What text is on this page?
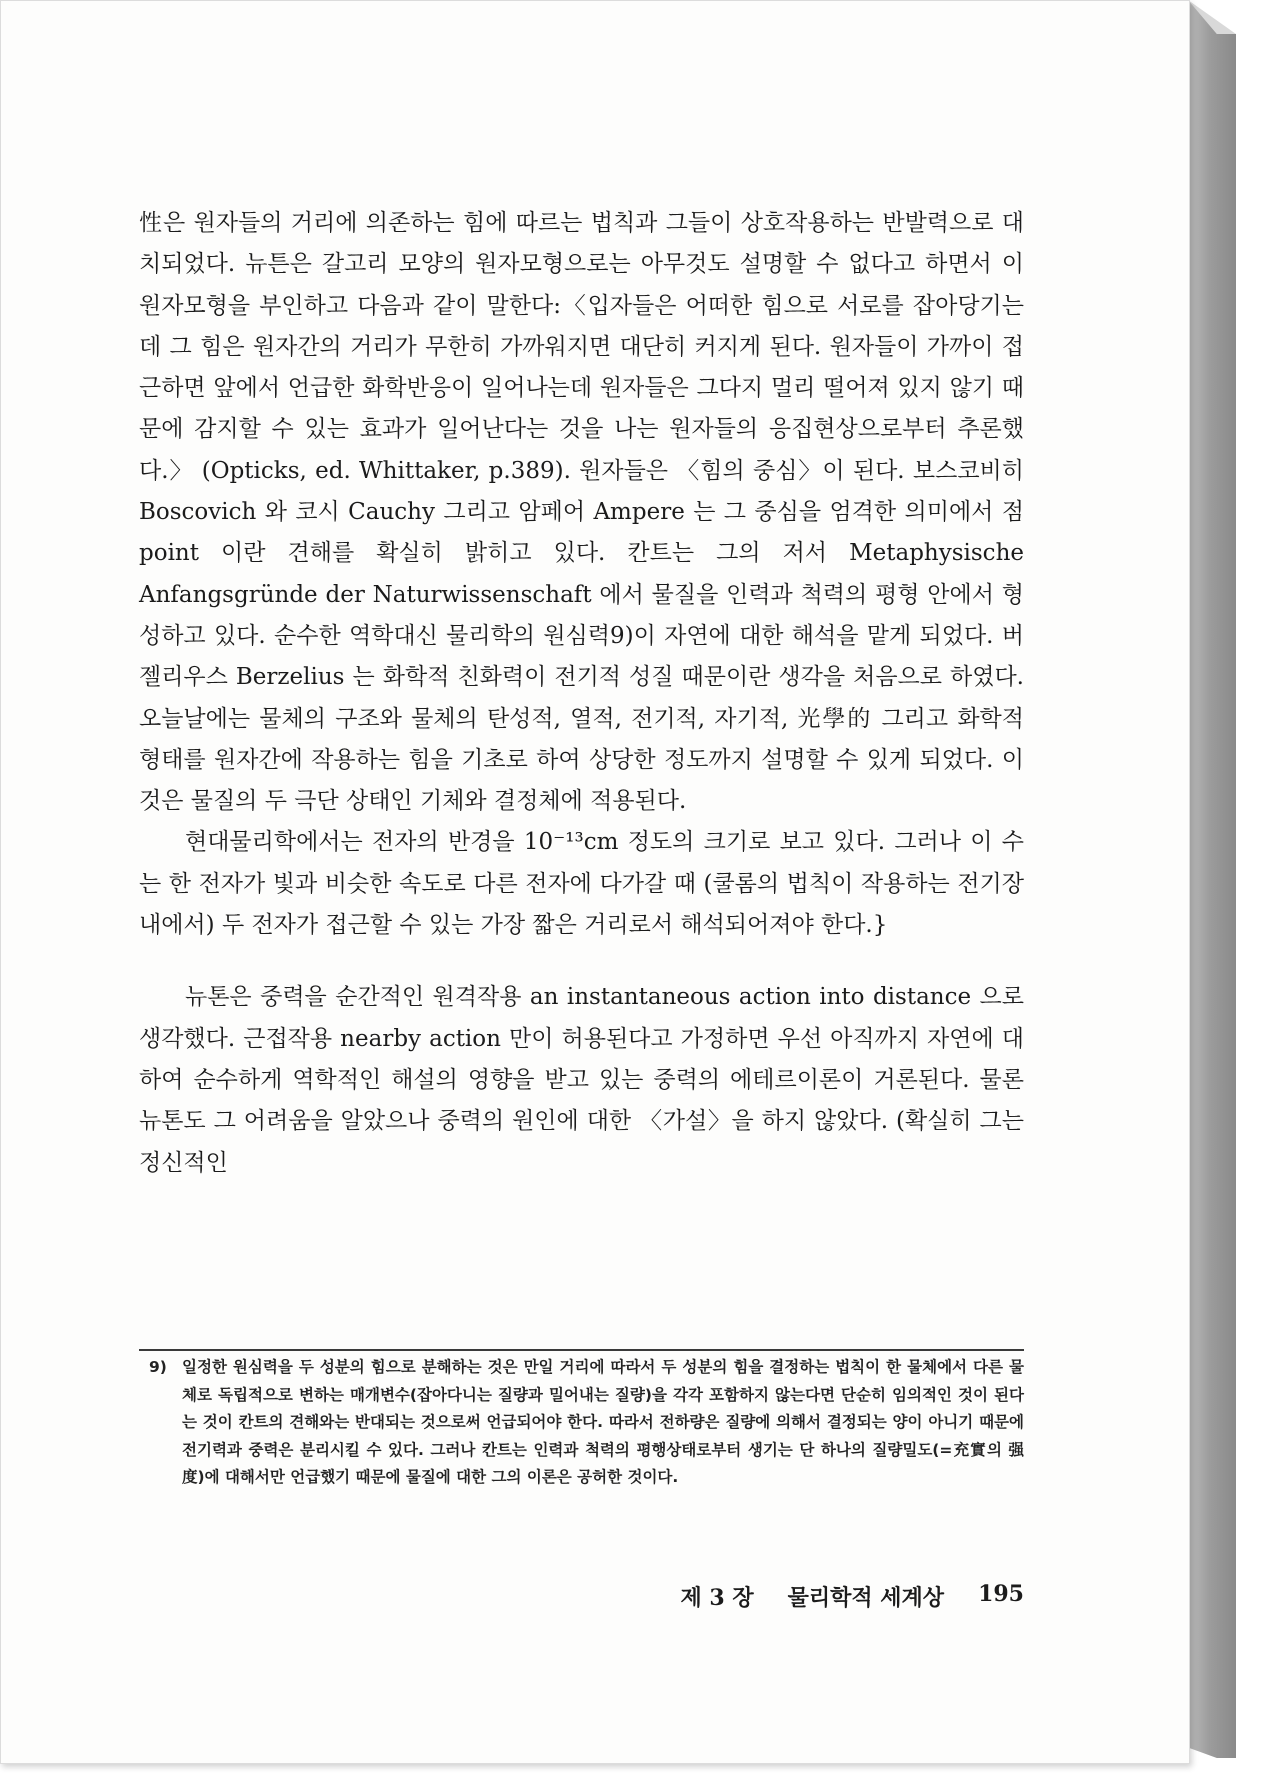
性은 원자들의 거리에 의존하는 힘에 따르는 법칙과 그들이 상호작용하는 반발력으로 대치되었다. 뉴튼은 갈고리 모양의 원자모형으로는 아무것도 설명할 수 없다고 하면서 이 원자모형을 부인하고 다음과 같이 말한다:〈입자들은 어떠한 힘으로 서로를 잡아당기는데 그 힘은 원자간의 거리가 무한히 가까워지면 대단히 커지게 된다. 원자들이 가까이 접근하면 앞에서 언급한 화학반응이 일어나는데 원자들은 그다지 멀리 떨어져 있지 않기 때문에 감지할 수 있는 효과가 일어난다는 것을 나는 원자들의 응집현상으로부터 추론했다.〉 (Opticks, ed. Whittaker, p.389). 원자들은 〈힘의 중심〉이 된다. 보스코비히 Boscovich 와 코시 Cauchy 그리고 암페어 Ampere 는 그 중심을 엄격한 의미에서 점 point 이란 견해를 확실히 밝히고 있다. 칸트는 그의 저서 Metaphysische Anfangsgründe der Naturwissenschaft 에서 물질을 인력과 척력의 평형 안에서 형성하고 있다. 순수한 역학대신 물리학의 원심력9)이 자연에 대한 해석을 맡게 되었다. 버젤리우스 Berzelius 는 화학적 친화력이 전기적 성질 때문이란 생각을 처음으로 하였다. 오늘날에는 물체의 구조와 물체의 탄성적, 열적, 전기적, 자기적, 光學的 그리고 화학적 형태를 원자간에 작용하는 힘을 기초로 하여 상당한 정도까지 설명할 수 있게 되었다. 이것은 물질의 두 극단 상태인 기체와 결정체에 적용된다.

현대물리학에서는 전자의 반경을 10⁻¹³cm 정도의 크기로 보고 있다. 그러나 이 수는 한 전자가 빛과 비슷한 속도로 다른 전자에 다가갈 때 (쿨롬의 법칙이 작용하는 전기장내에서) 두 전자가 접근할 수 있는 가장 짧은 거리로서 해석되어져야 한다.}

뉴톤은 중력을 순간적인 원격작용 an instantaneous action into distance 으로 생각했다. 근접작용 nearby action 만이 허용된다고 가정하면 우선 아직까지 자연에 대하여 순수하게 역학적인 해설의 영향을 받고 있는 중력의 에테르이론이 거론된다. 물론 뉴톤도 그 어려움을 알았으나 중력의 원인에 대한 〈가설〉을 하지 않았다. (확실히 그는 정신적인

9) 일정한 원심력을 두 성분의 힘으로 분해하는 것은 만일 거리에 따라서 두 성분의 힘을 결정하는 법칙이 한 물체에서 다른 물체로 독립적으로 변하는 매개변수(잡아다니는 질량과 밀어내는 질량)을 각각 포함하지 않는다면 단순히 임의적인 것이 된다는 것이 칸트의 견해와는 반대되는 것으로써 언급되어야 한다. 따라서 전하량은 질량에 의해서 결정되는 양이 아니기 때문에 전기력과 중력은 분리시킬 수 있다. 그러나 칸트는 인력과 척력의 평행상태로부터 생기는 단 하나의 질량밀도(=充實의 强度)에 대해서만 언급했기 때문에 물질에 대한 그의 이론은 공허한 것이다.
제 3 장 물리학적 세계상 195
